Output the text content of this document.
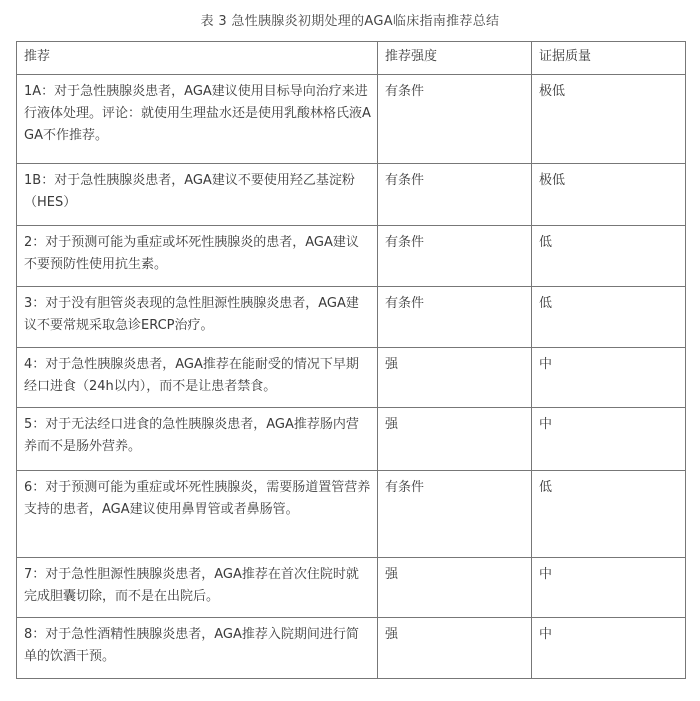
表 3 急性胰腺炎初期处理的AGA临床指南推荐总结
推荐	推荐强度	证据质量
1A：对于急性胰腺炎患者，AGA建议使用目标导向治疗来进行液体处理。评论：就使用生理盐水还是使用乳酸林格氏液AGA不作推荐。	有条件	极低
1B：对于急性胰腺炎患者，AGA建议不要使用羟乙基淀粉（HES）	有条件	极低
2：对于预测可能为重症或坏死性胰腺炎的患者，AGA建议不要预防性使用抗生素。	有条件	低
3：对于没有胆管炎表现的急性胆源性胰腺炎患者，AGA建议不要常规采取急诊ERCP治疗。	有条件	低
4：对于急性胰腺炎患者，AGA推荐在能耐受的情况下早期经口进食（24h以内），而不是让患者禁食。	强	中
5：对于无法经口进食的急性胰腺炎患者，AGA推荐肠内营养而不是肠外营养。	强	中
6：对于预测可能为重症或坏死性胰腺炎，需要肠道置管营养支持的患者，AGA建议使用鼻胃管或者鼻肠管。	有条件	低
7：对于急性胆源性胰腺炎患者，AGA推荐在首次住院时就完成胆囊切除，而不是在出院后。	强	中
8：对于急性酒精性胰腺炎患者，AGA推荐入院期间进行简单的饮酒干预。	强	中
